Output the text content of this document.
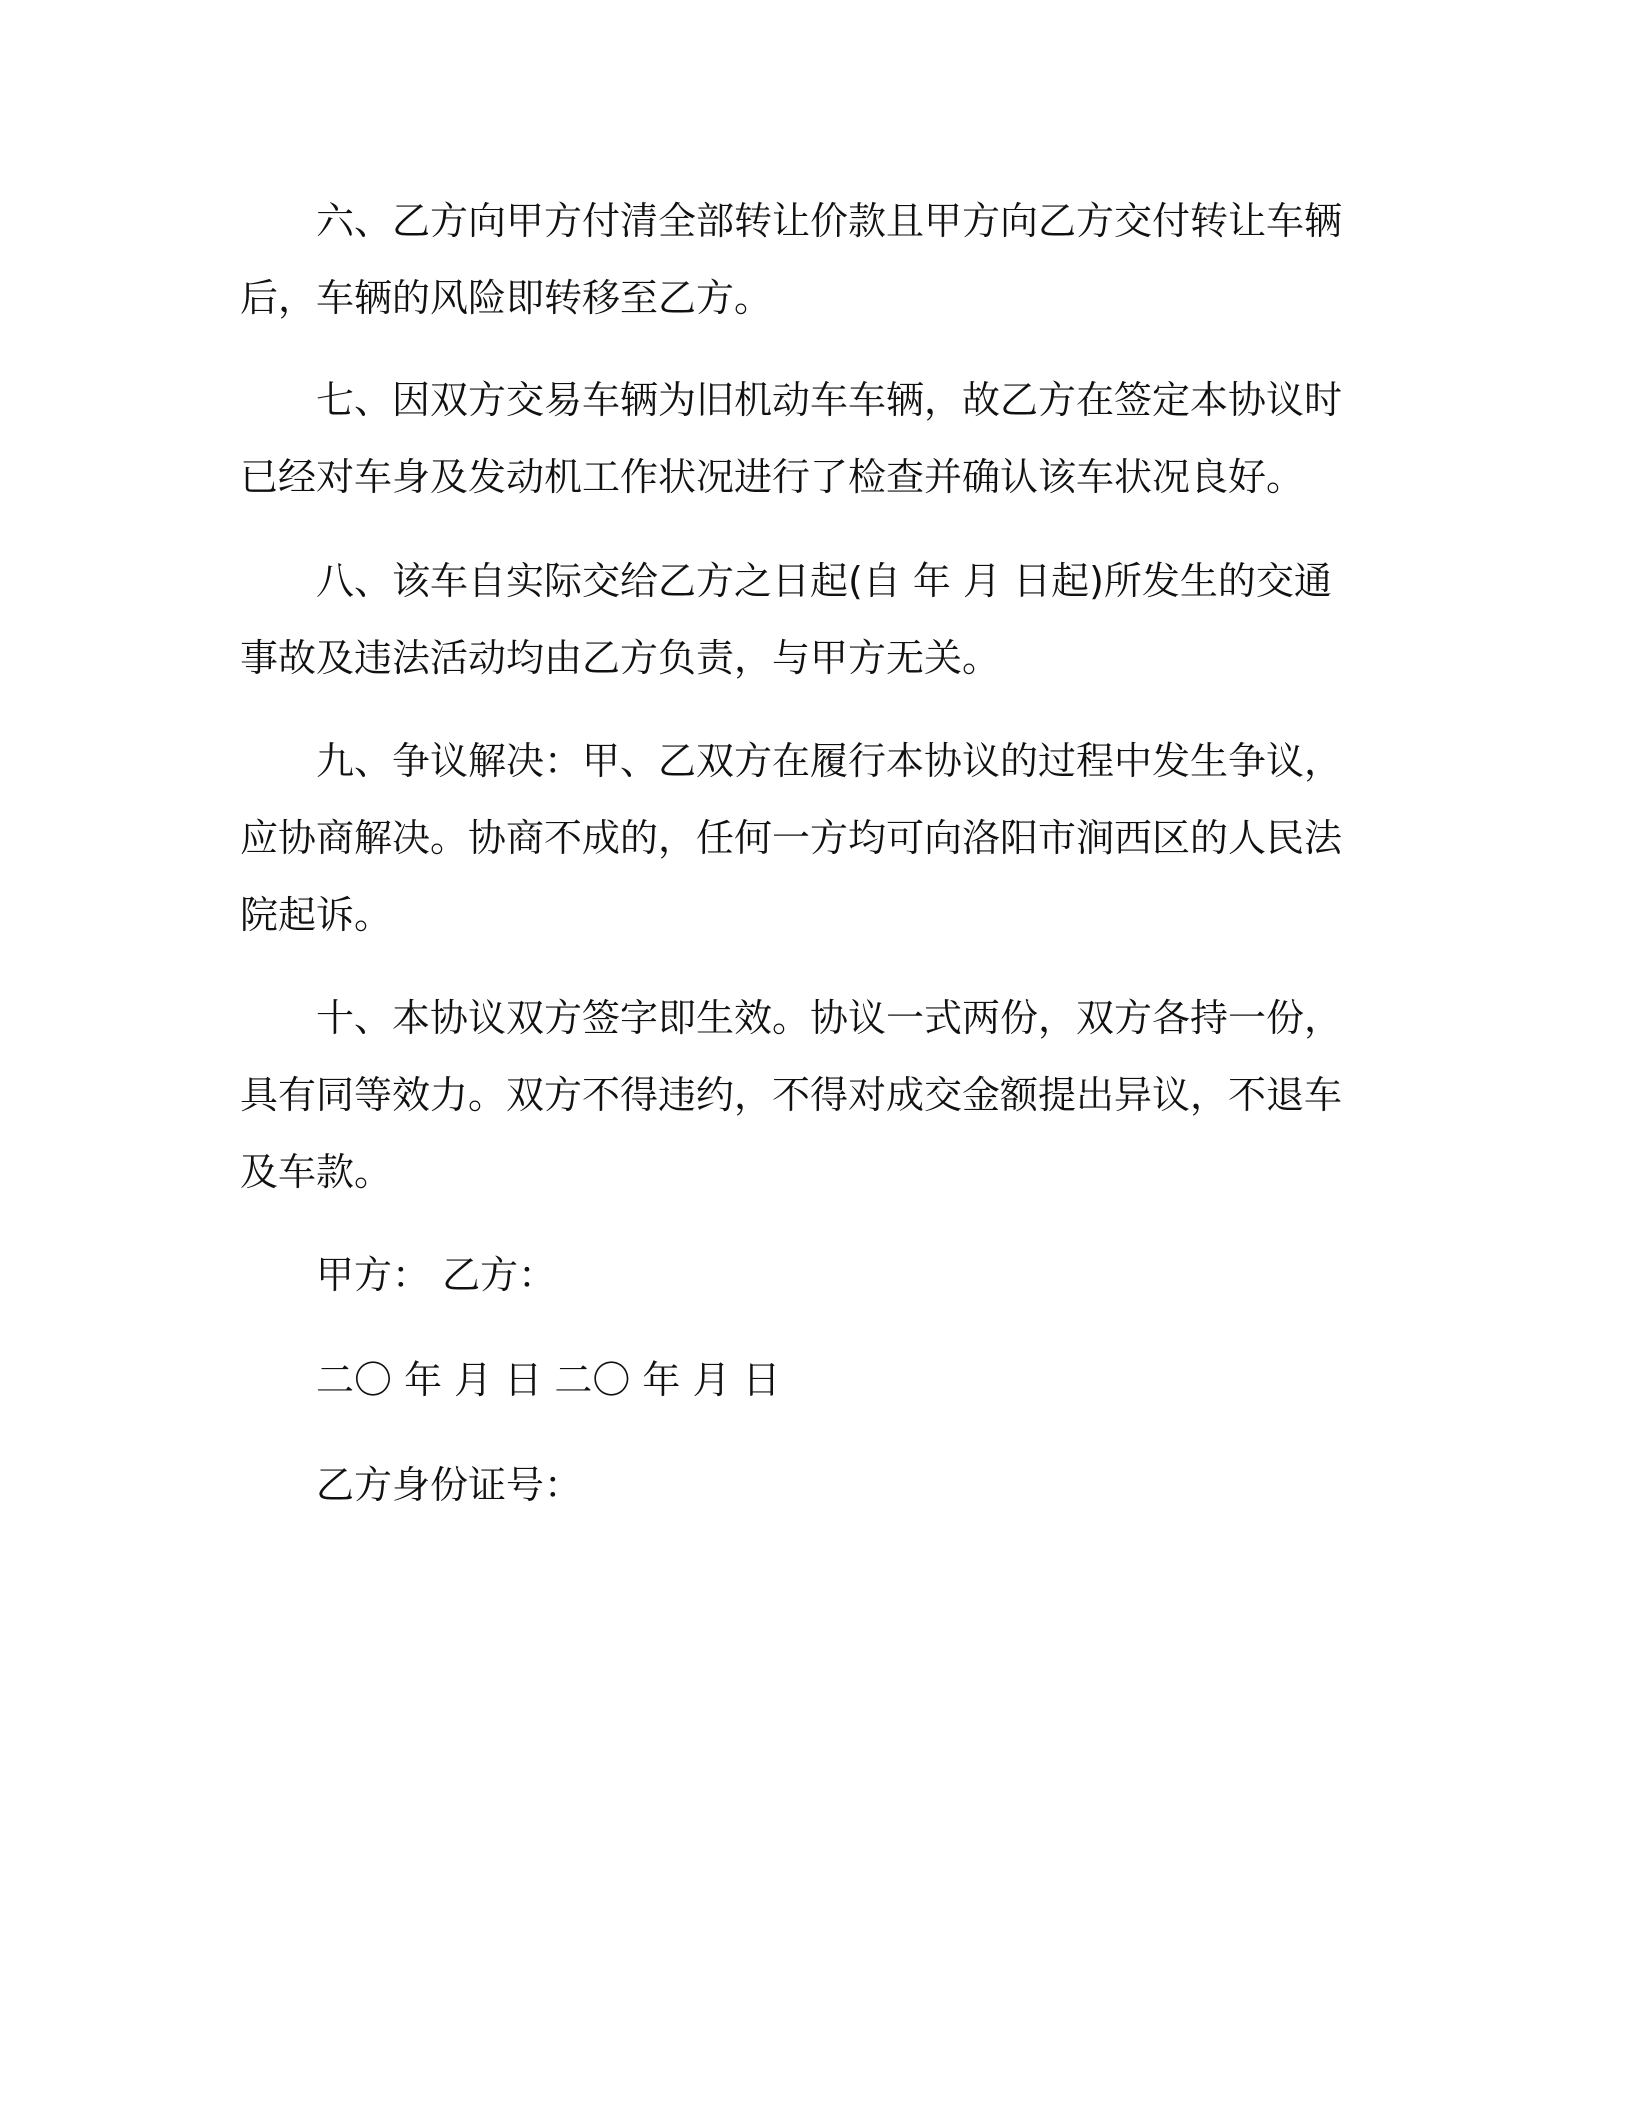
六、乙方向甲方付清全部转让价款且甲方向乙方交付转让车辆后，车辆的风险即转移至乙方。

七、因双方交易车辆为旧机动车车辆，故乙方在签定本协议时已经对车身及发动机工作状况进行了检查并确认该车状况良好。

八、该车自实际交给乙方之日起(自 年 月 日起)所发生的交通事故及违法活动均由乙方负责，与甲方无关。

九、争议解决：甲、乙双方在履行本协议的过程中发生争议，应协商解决。协商不成的，任何一方均可向洛阳市涧西区的人民法院起诉。

十、本协议双方签字即生效。协议一式两份，双方各持一份，具有同等效力。双方不得违约，不得对成交金额提出异议，不退车及车款。

甲方： 乙方：

二〇 年 月 日 二〇 年 月 日

乙方身份证号：
